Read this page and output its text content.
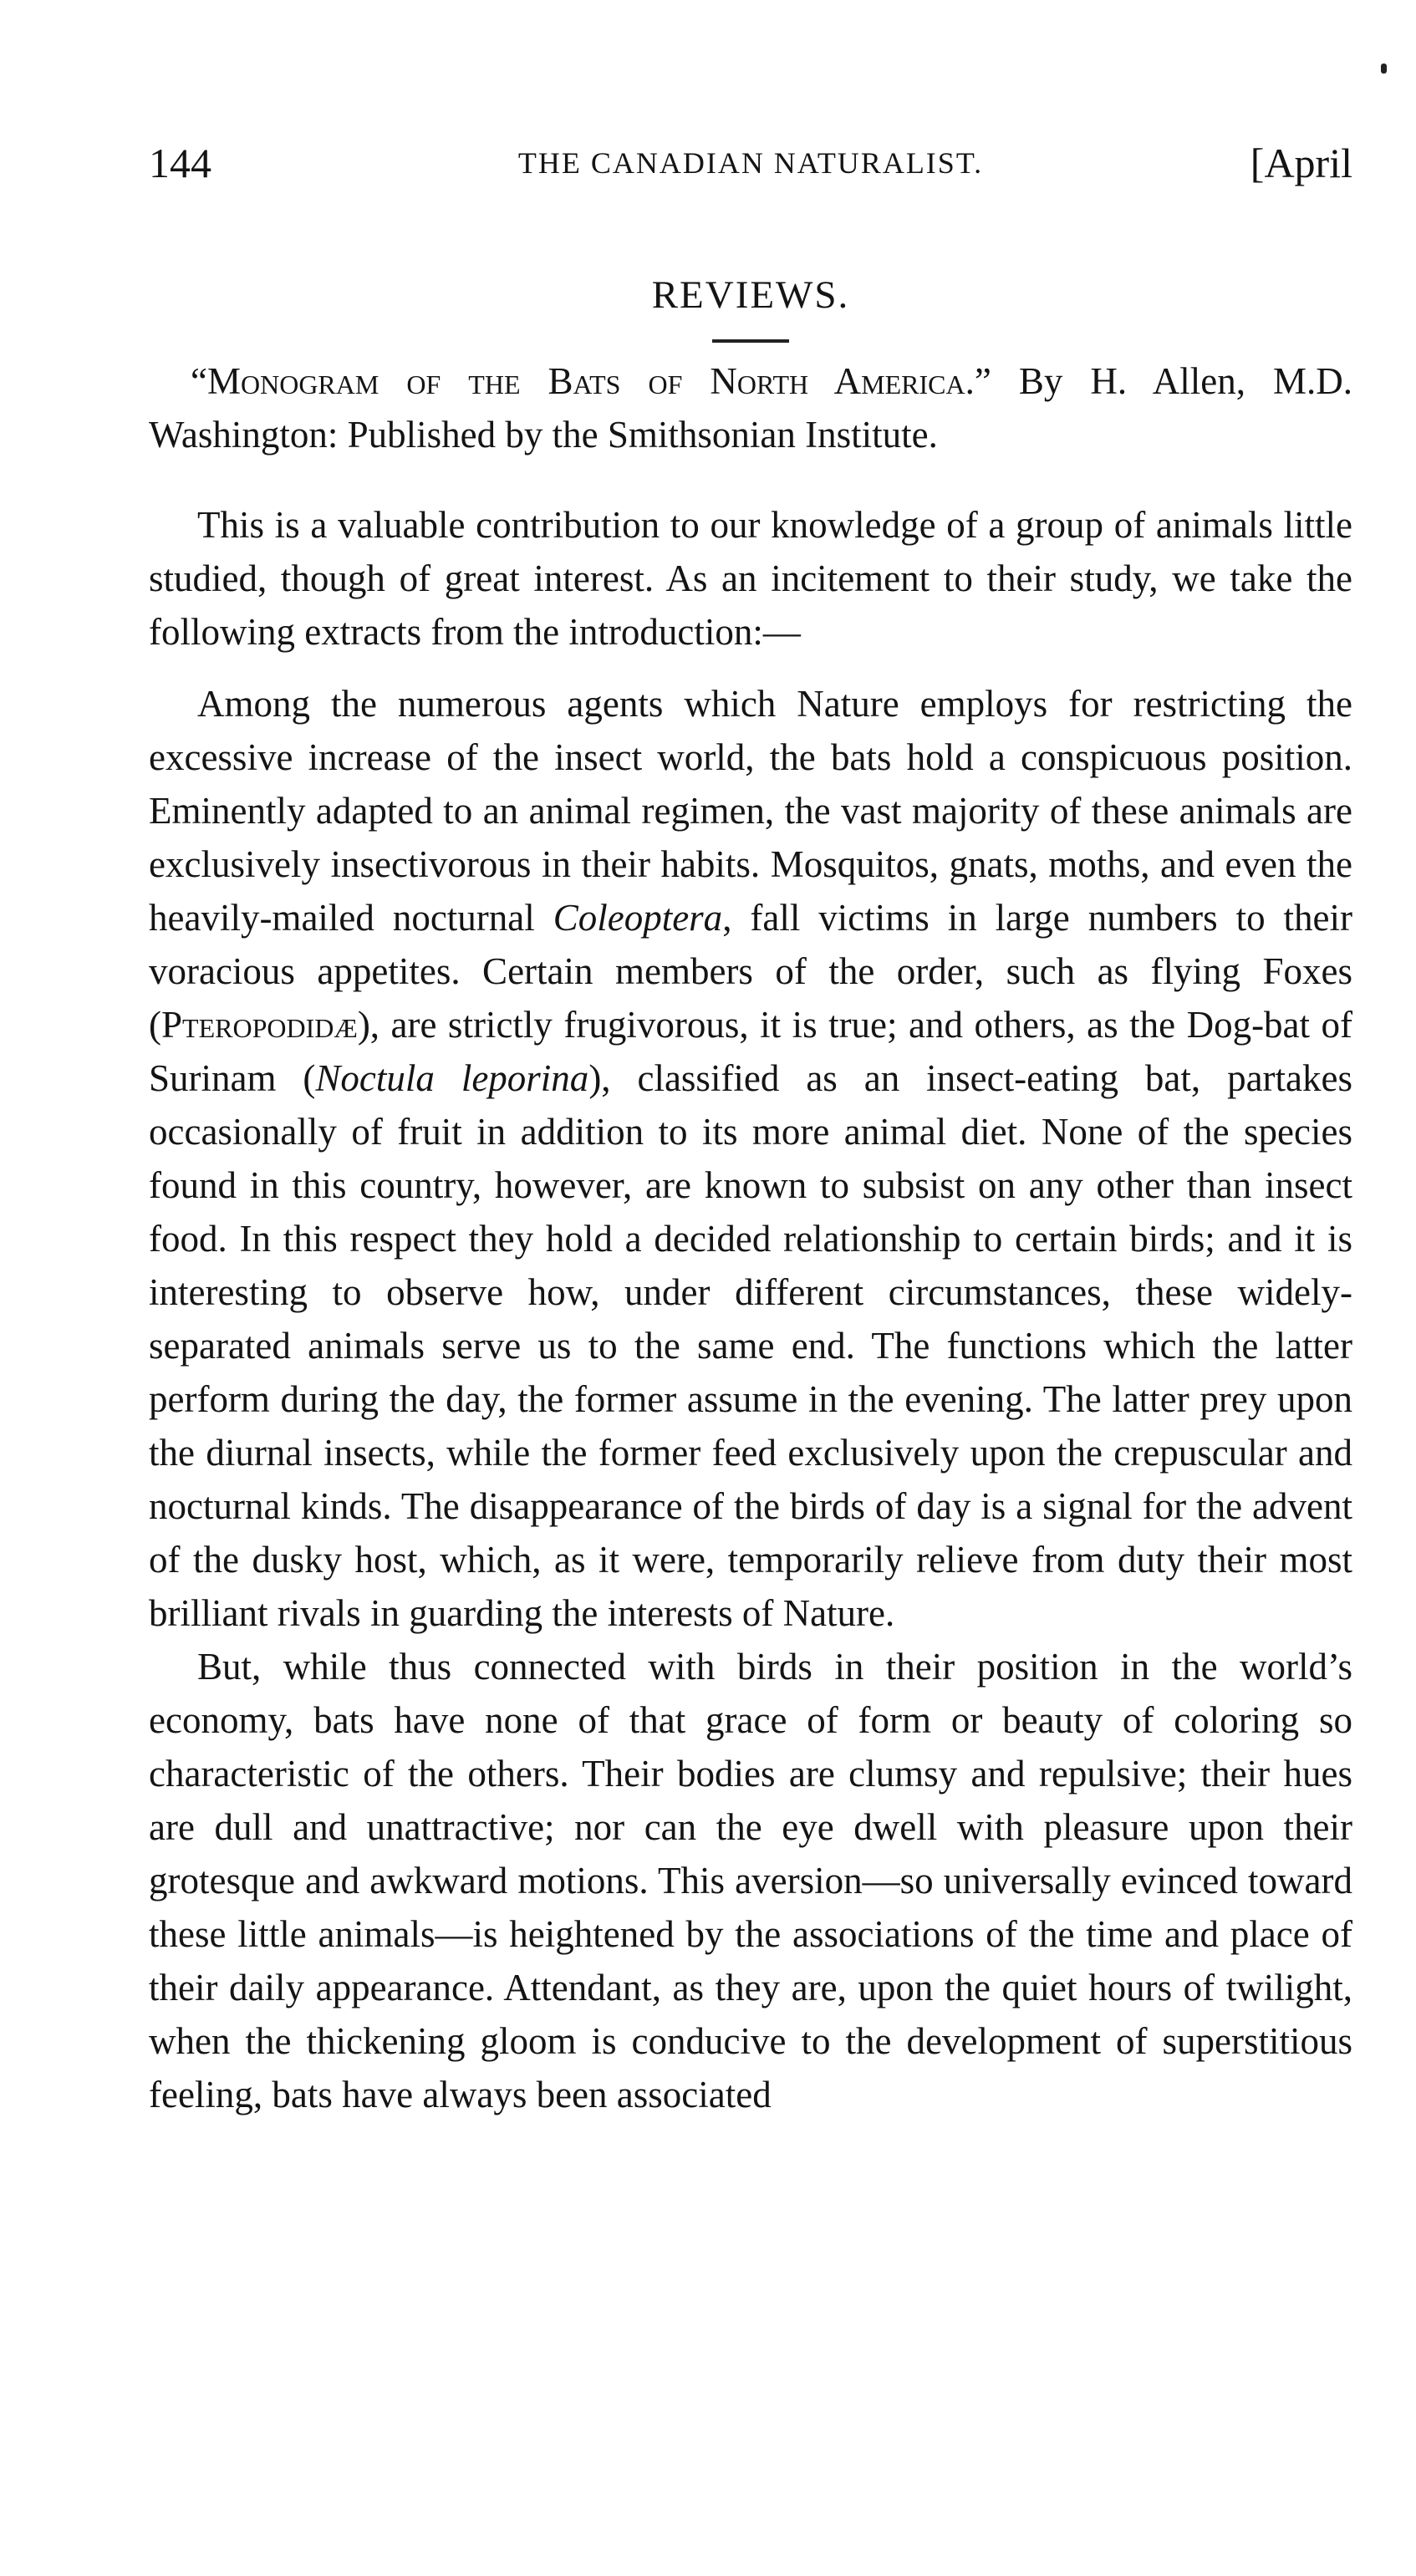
144	THE CANADIAN NATURALIST.	[April
REVIEWS.
“Monogram of the Bats of North America.” By H. Allen, M.D. Washington: Published by the Smithsonian Institute.

This is a valuable contribution to our knowledge of a group of animals little studied, though of great interest. As an incitement to their study, we take the following extracts from the introduction:—

Among the numerous agents which Nature employs for restricting the excessive increase of the insect world, the bats hold a conspicuous position. Eminently adapted to an animal regimen, the vast majority of these animals are exclusively insectivorous in their habits. Mosquitos, gnats, moths, and even the heavily-mailed nocturnal Coleoptera, fall victims in large numbers to their voracious appetites. Certain members of the order, such as flying Foxes (Pteropodidæ), are strictly frugivorous, it is true; and others, as the Dog-bat of Surinam (Noctula leporina), classified as an insect-eating bat, partakes occasionally of fruit in addition to its more animal diet. None of the species found in this country, however, are known to subsist on any other than insect food. In this respect they hold a decided relationship to certain birds; and it is interesting to observe how, under different circumstances, these widely-separated animals serve us to the same end. The functions which the latter perform during the day, the former assume in the evening. The latter prey upon the diurnal insects, while the former feed exclusively upon the crepuscular and nocturnal kinds. The disappearance of the birds of day is a signal for the advent of the dusky host, which, as it were, temporarily relieve from duty their most brilliant rivals in guarding the interests of Nature.

But, while thus connected with birds in their position in the world’s economy, bats have none of that grace of form or beauty of coloring so characteristic of the others. Their bodies are clumsy and repulsive; their hues are dull and unattractive; nor can the eye dwell with pleasure upon their grotesque and awkward motions. This aversion—so universally evinced toward these little animals—is heightened by the associations of the time and place of their daily appearance. Attendant, as they are, upon the quiet hours of twilight, when the thickening gloom is conducive to the development of superstitious feeling, bats have always been associated
